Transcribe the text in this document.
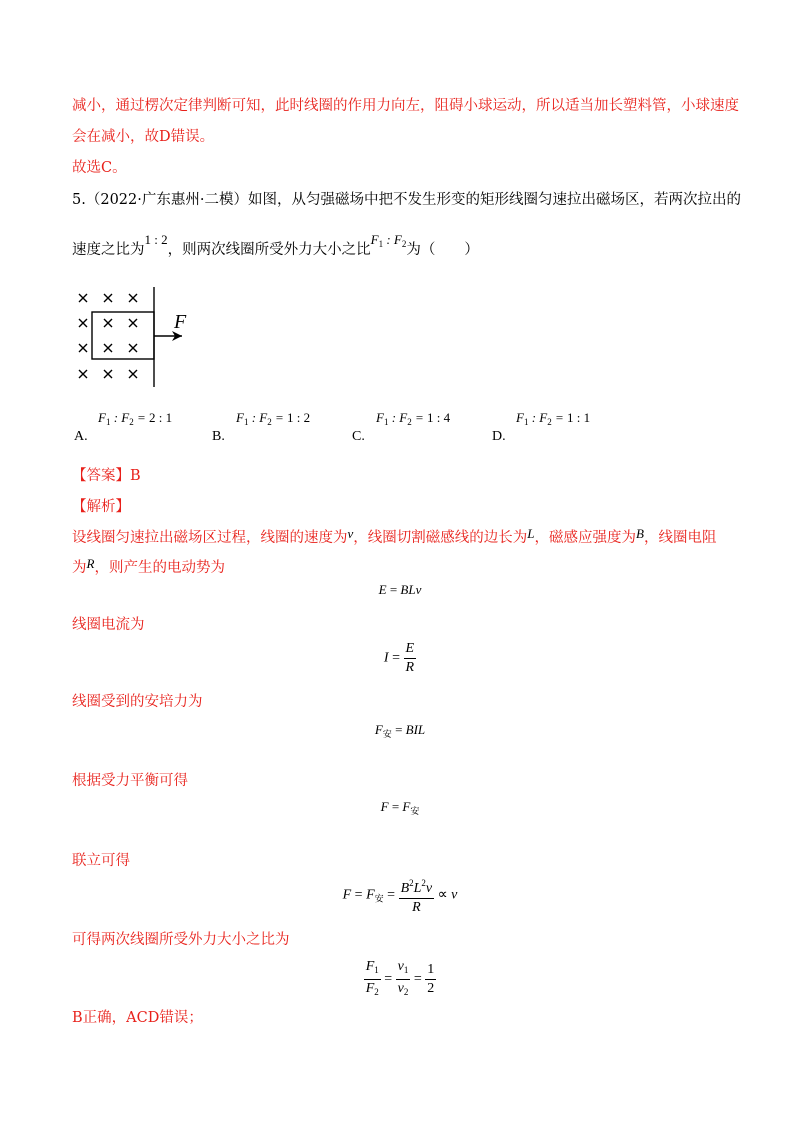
减小，通过楞次定律判断可知，此时线圈的作用力向左，阻碍小球运动，所以适当加长塑料管，小球速度
会在减小，故D错误。
故选C。
5.（2022·广东惠州·二模）如图，从匀强磁场中把不发生形变的矩形线圈匀速拉出磁场区，若两次拉出的
速度之比为1 : 2，则两次线圈所受外力大小之比$F_1$ : $F_2$为（　　）
F
A.
$F_1$ : $F_2 = 2$ : 1
B.
$F_1$ : $F_2 = 1$ : 2
C.
$F_1$ : $F_2 = 1$ : 4
D.
$F_1$ : $F_2 = 1$ : 1
【答案】B
【解析】
设线圈匀速拉出磁场区过程，线圈的速度为v，线圈切割磁感线的边长为L，磁感应强度为B，线圈电阻
为R，则产生的电动势为
E = BLv
线圈电流为
$I = \frac{E}{R}$
线圈受到的安培力为
$F_安$ = BIL
根据受力平衡可得
$F = F_安$
联立可得
$F = F_安 = \frac{B^2L^2v}{R} \propto v$
可得两次线圈所受外力大小之比为
$\frac{F_1}{F_2} = \frac{v_1}{v_2} = \frac{1}{2}$
B正确，ACD错误；
